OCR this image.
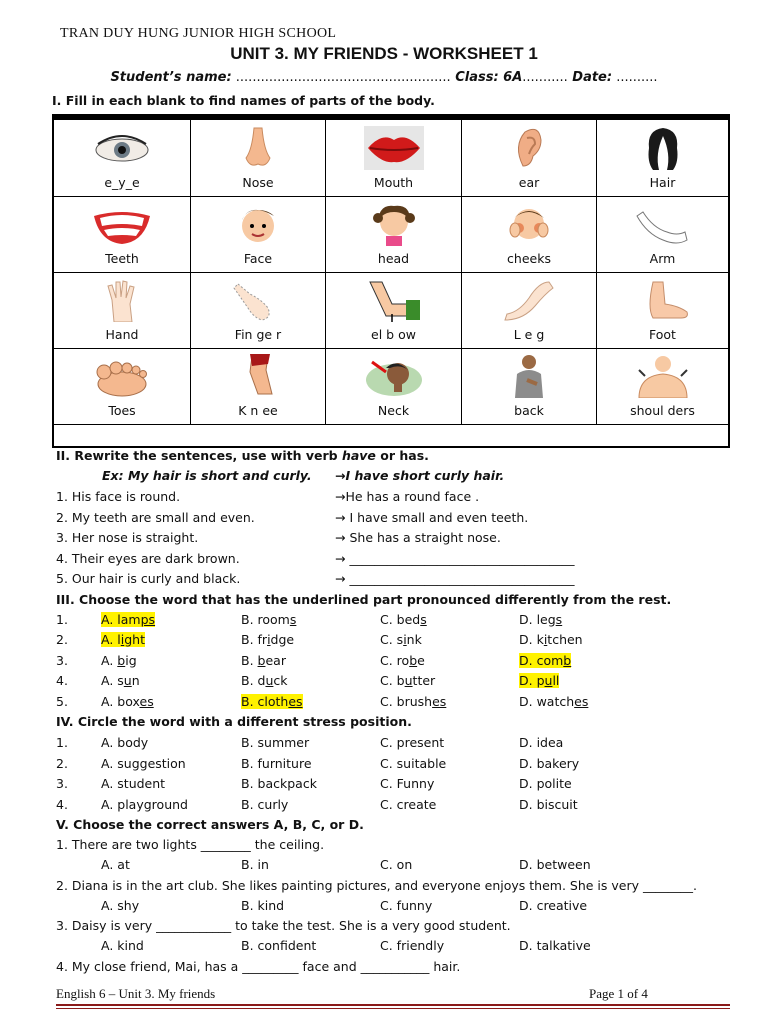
TRAN DUY HUNG JUNIOR HIGH SCHOOL
UNIT 3. MY FRIENDS - WORKSHEET 1
Student’s name: .................................................... Class: 6A........... Date: ..........
I. Fill in each blank to find names of parts of the body.
e_y_e	Nose	Mouth	ear	Hair
Teeth	Face	head	cheeks	Arm
Hand	Fin ge r	el b ow	L e g	Foot
Toes	K n ee	Neck	back	shoul ders
II. Rewrite the sentences, use with verb have or has.
Ex: My hair is short and curly. →I have short curly hair.
1. His face is round.	→He has a round face .
2. My teeth are small and even.	→ I have small and even teeth.
3. Her nose is straight.	→ She has a straight nose.
4. Their eyes are dark brown.	→ ____________________________________
5. Our hair is curly and black.	→ ____________________________________
III. Choose the word that has the underlined part pronounced differently from the rest.
1.	A. lamps	B. rooms	C. beds	D. legs
2.	A. light	B. fridge	C. sink	D. kitchen
3.	A. big	B. bear	C. robe	D. comb
4.	A. sun	B. duck	C. butter	D. pull
5.	A. boxes	B. clothes	C. brushes	D. watches
IV. Circle the word with a different stress position.
1.	A. body	B. summer	C. present	D. idea
2.	A. suggestion	B. furniture	C. suitable	D. bakery
3.	A. student	B. backpack	C. Funny	D. polite
4.	A. playground	B. curly	C. create	D. biscuit
V. Choose the correct answers A, B, C, or D.
1. There are two lights ________ the ceiling.
A. at	B. in	C. on	D. between
2. Diana is in the art club. She likes painting pictures, and everyone enjoys them. She is very ________.
A. shy	B. kind	C. funny	D. creative
3. Daisy is very ____________ to take the test. She is a very good student.
A. kind	B. confident	C. friendly	D. talkative
4. My close friend, Mai, has a _________ face and ___________ hair.
English 6 – Unit 3. My friends	Page 1 of 4
